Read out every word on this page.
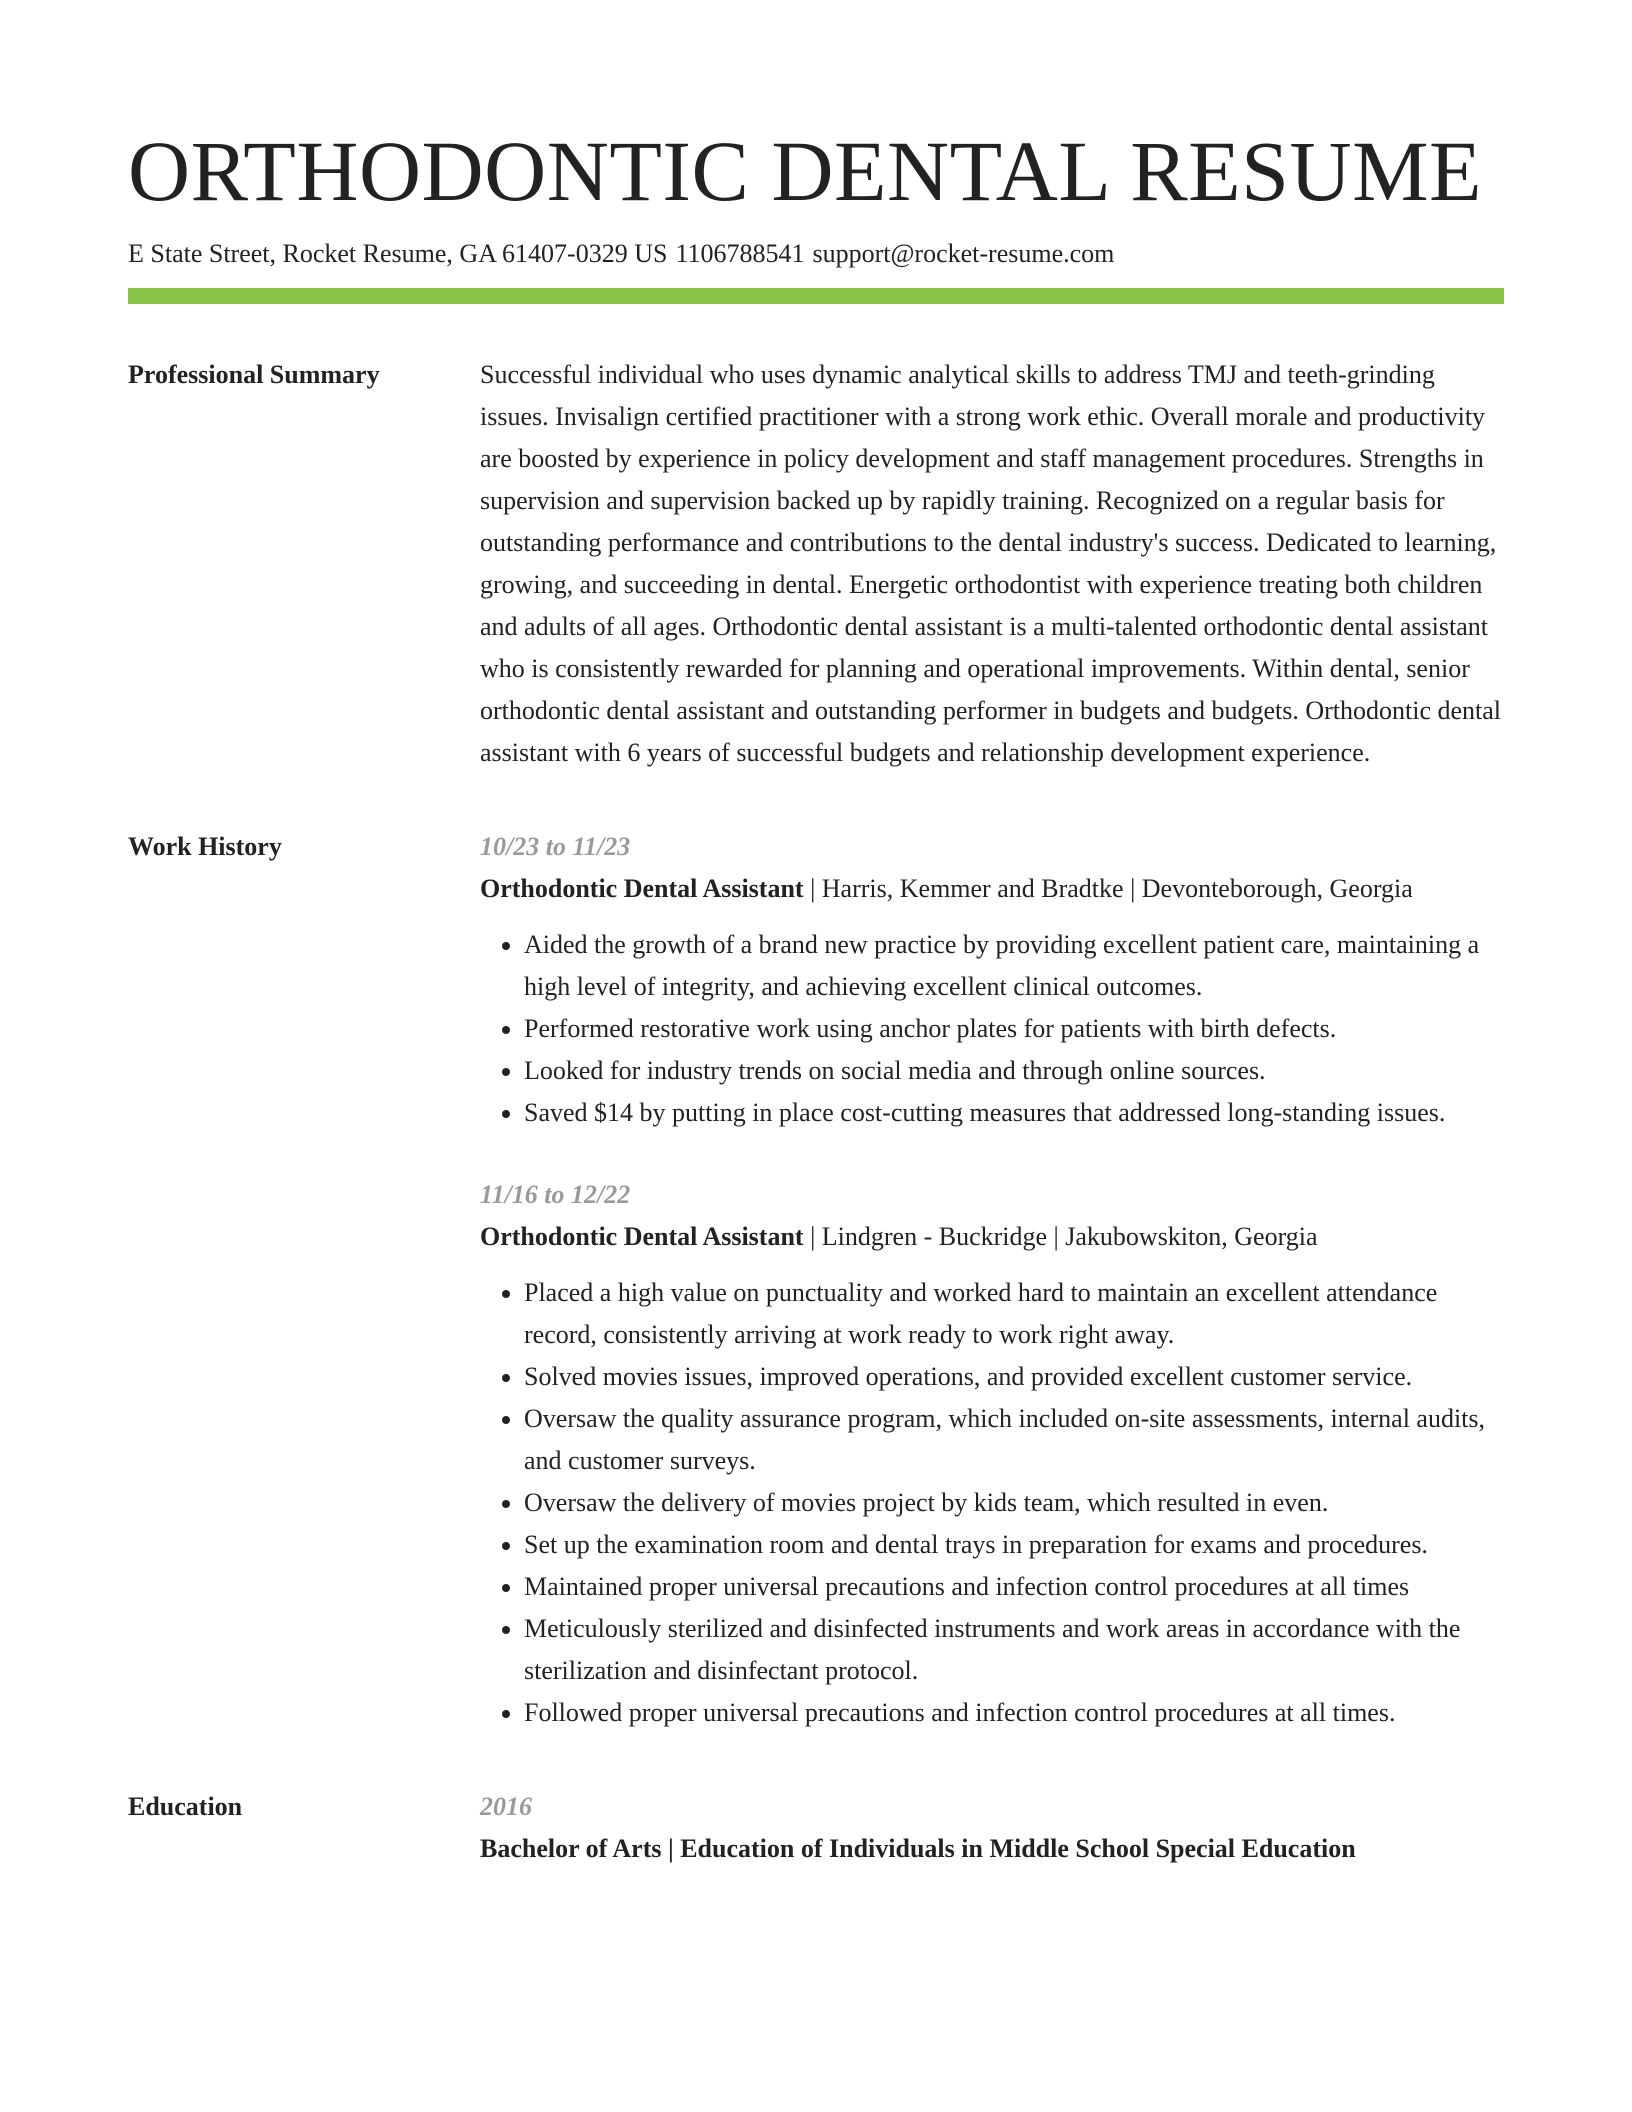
ORTHODONTIC DENTAL RESUME
E State Street, Rocket Resume, GA 61407-0329 US 1106788541 support@rocket-resume.com
Professional Summary	Successful individual who uses dynamic analytical skills to address TMJ and teeth-grinding issues. Invisalign certified practitioner with a strong work ethic. Overall morale and productivity are boosted by experience in policy development and staff management procedures. Strengths in supervision and supervision backed up by rapidly training. Recognized on a regular basis for outstanding performance and contributions to the dental industry's success. Dedicated to learning, growing, and succeeding in dental. Energetic orthodontist with experience treating both children and adults of all ages. Orthodontic dental assistant is a multi-talented orthodontic dental assistant who is consistently rewarded for planning and operational improvements. Within dental, senior orthodontic dental assistant and outstanding performer in budgets and budgets. Orthodontic dental assistant with 6 years of successful budgets and relationship development experience.

Work History	10/23 to 11/23
Orthodontic Dental Assistant | Harris, Kemmer and Bradtke | Devonteborough, Georgia
• Aided the growth of a brand new practice by providing excellent patient care, maintaining a high level of integrity, and achieving excellent clinical outcomes.
• Performed restorative work using anchor plates for patients with birth defects.
• Looked for industry trends on social media and through online sources.
• Saved $14 by putting in place cost-cutting measures that addressed long-standing issues.
11/16 to 12/22
Orthodontic Dental Assistant | Lindgren - Buckridge | Jakubowskiton, Georgia
• Placed a high value on punctuality and worked hard to maintain an excellent attendance record, consistently arriving at work ready to work right away.
• Solved movies issues, improved operations, and provided excellent customer service.
• Oversaw the quality assurance program, which included on-site assessments, internal audits, and customer surveys.
• Oversaw the delivery of movies project by kids team, which resulted in even.
• Set up the examination room and dental trays in preparation for exams and procedures.
• Maintained proper universal precautions and infection control procedures at all times
• Meticulously sterilized and disinfected instruments and work areas in accordance with the sterilization and disinfectant protocol.
• Followed proper universal precautions and infection control procedures at all times.
Education	2016
Bachelor of Arts | Education of Individuals in Middle School Special Education
